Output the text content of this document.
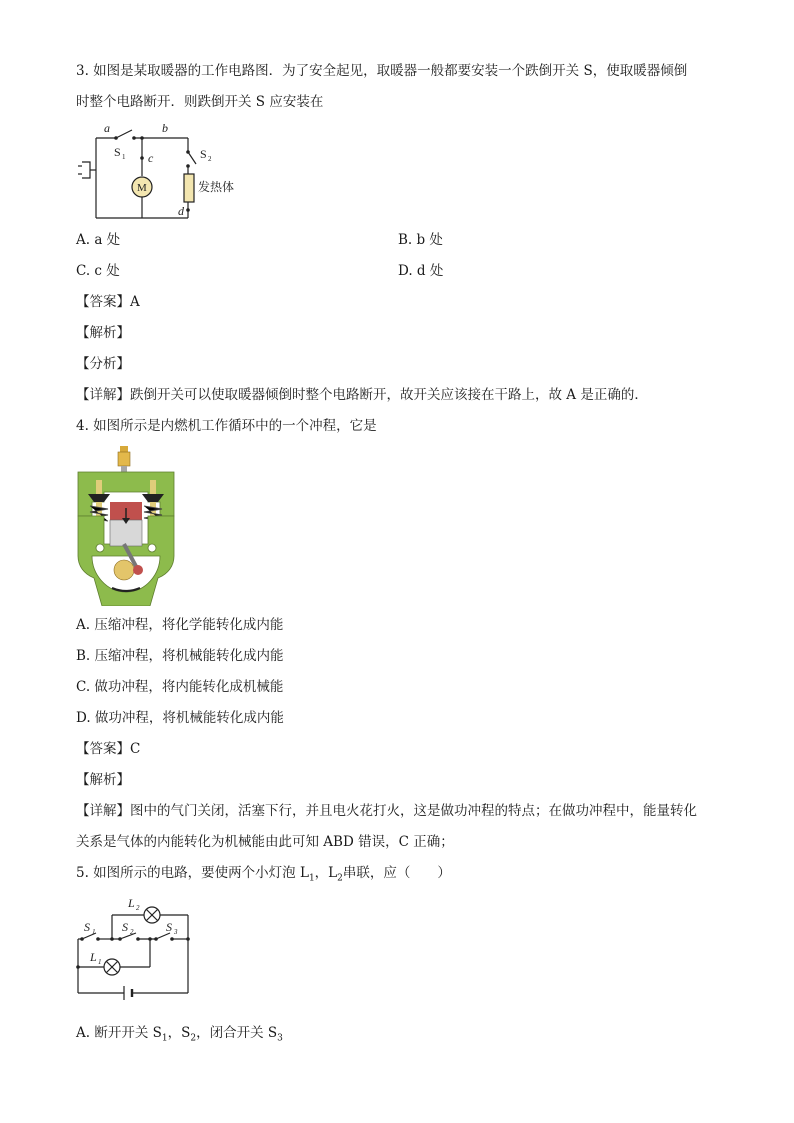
3. 如图是某取暖器的工作电路图．为了安全起见，取暖器一般都要安装一个跌倒开关 S，使取暖器倾倒
时整个电路断开．则跌倒开关 S 应安装在
a	b
c
d
S 1	S 2
M	发热体
A. a 处	B. b 处
C. c 处	D. d 处
【答案】A
【解析】
【分析】
【详解】跌倒开关可以使取暖器倾倒时整个电路断开，故开关应该接在干路上，故 A 是正确的．
4. 如图所示是内燃机工作循环中的一个冲程，它是
A. 压缩冲程，将化学能转化成内能
B. 压缩冲程，将机械能转化成内能
C. 做功冲程，将内能转化成机械能
D. 做功冲程，将机械能转化成内能
【答案】C
【解析】
【详解】图中的气门关闭，活塞下行，并且电火花打火，这是做功冲程的特点；在做功冲程中，能量转化
关系是气体的内能转化为机械能由此可知 ABD 错误，C 正确；
5. 如图所示的电路，要使两个小灯泡 $L_1$，$L_2$串联，应（　　）
L 2
S 1 S 2	S 3
L 1
A. 断开开关 $S_1$，$S_2$，闭合开关 $S_3$
